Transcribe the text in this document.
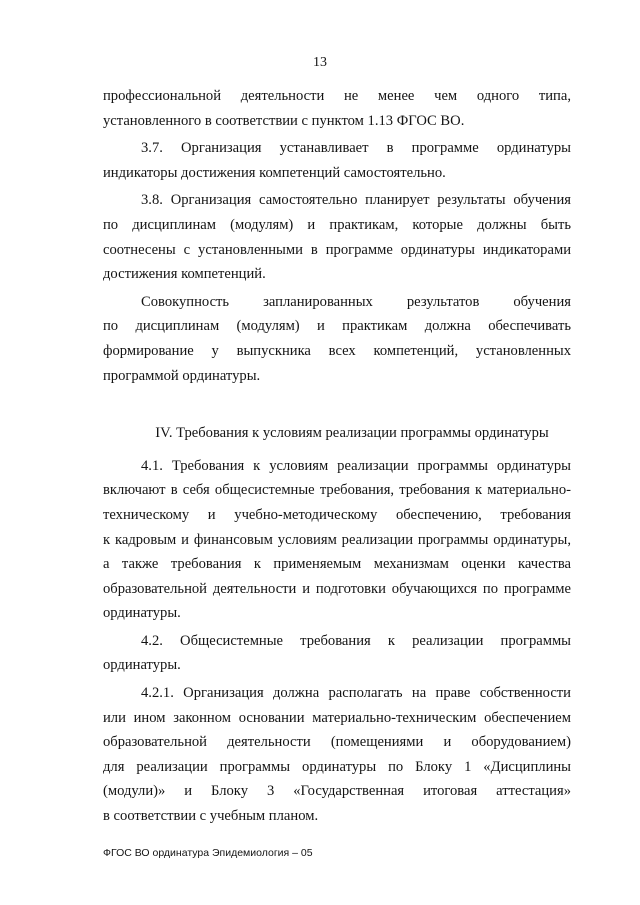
13
профессиональной деятельности не менее чем одного типа,
установленного в соответствии с пунктом 1.13 ФГОС ВО.
3.7. Организация устанавливает в программе ординатуры
индикаторы достижения компетенций самостоятельно.
3.8. Организация самостоятельно планирует результаты обучения
по дисциплинам (модулям) и практикам, которые должны быть
соотнесены с установленными в программе ординатуры индикаторами
достижения компетенций.
Совокупность запланированных результатов обучения
по дисциплинам (модулям) и практикам должна обеспечивать
формирование у выпускника всех компетенций, установленных
программой ординатуры.
IV. Требования к условиям реализации программы ординатуры
4.1. Требования к условиям реализации программы ординатуры
включают в себя общесистемные требования, требования к материально-
техническому и учебно-методическому обеспечению, требования
к кадровым и финансовым условиям реализации программы ординатуры,
а также требования к применяемым механизмам оценки качества
образовательной деятельности и подготовки обучающихся по программе
ординатуры.
4.2. Общесистемные требования к реализации программы
ординатуры.
4.2.1. Организация должна располагать на праве собственности
или ином законном основании материально-техническим обеспечением
образовательной деятельности (помещениями и оборудованием)
для реализации программы ординатуры по Блоку 1 «Дисциплины
(модули)» и Блоку 3 «Государственная итоговая аттестация»
в соответствии с учебным планом.
ФГОС ВО ординатура Эпидемиология – 05
